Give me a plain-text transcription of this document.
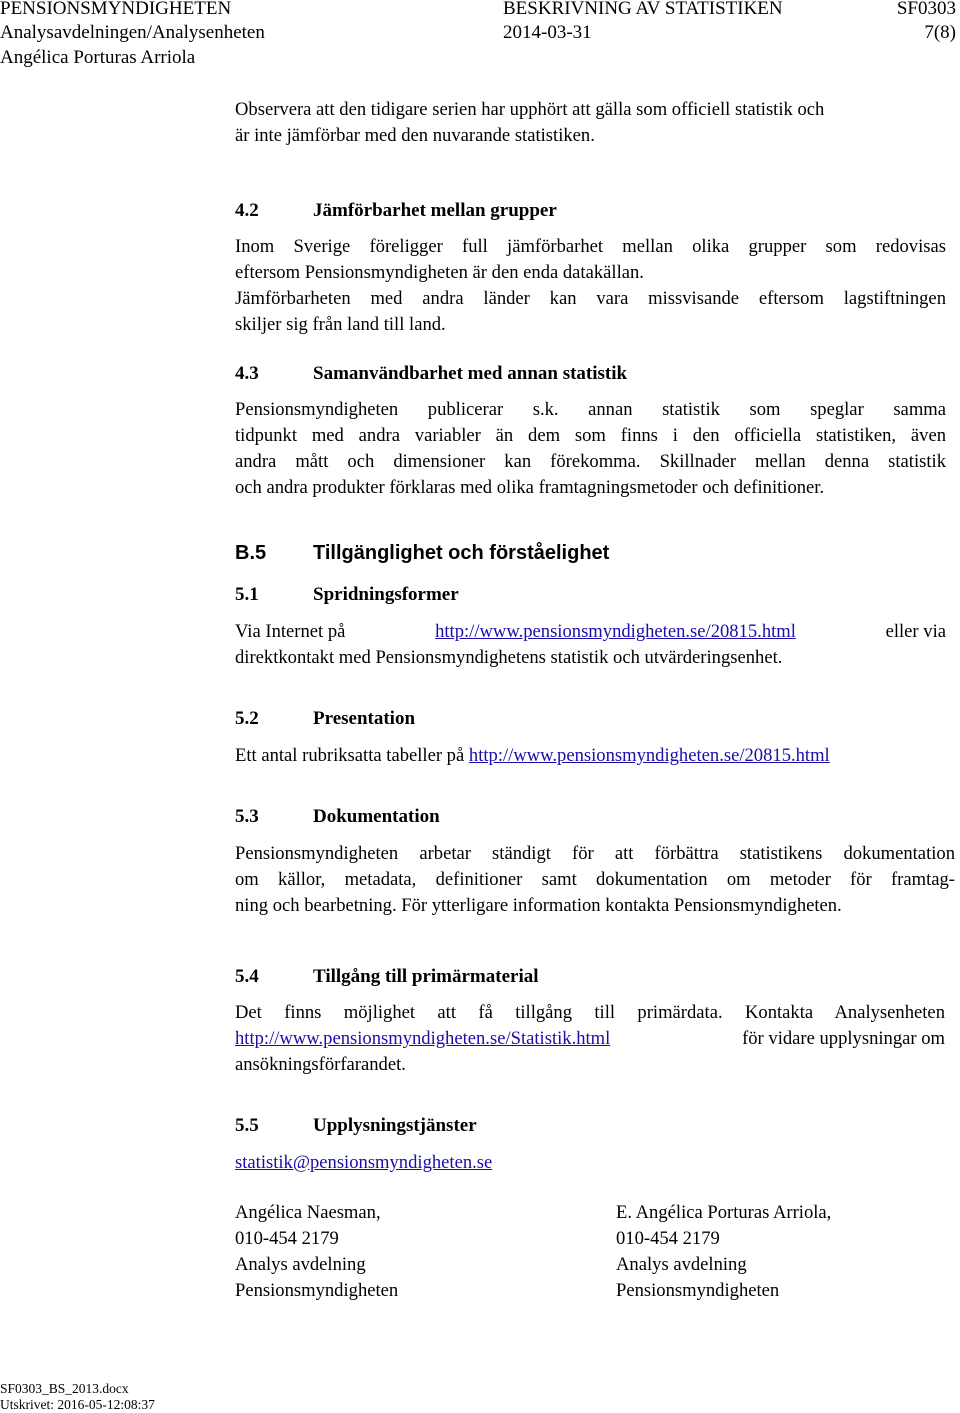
PENSIONSMYNDIGHETEN	BESKRIVNING AV STATISTIKEN	SF0303
Analysavdelningen/Analysenheten	2014-03-31	7(8)
Angélica Porturas Arriola
Observera att den tidigare serien har upphört att gälla som officiell statistik och
är inte jämförbar med den nuvarande statistiken.
4.2	Jämförbarhet mellan grupper
Inom Sverige föreligger full jämförbarhet mellan olika grupper som redovisas
eftersom Pensionsmyndigheten är den enda datakällan.
Jämförbarheten med andra länder kan vara missvisande eftersom lagstiftningen
skiljer sig från land till land.
4.3	Samanvändbarhet med annan statistik
Pensionsmyndigheten publicerar s.k. annan statistik som speglar samma
tidpunkt med andra variabler än dem som finns i den officiella statistiken, även
andra mått och dimensioner kan förekomma. Skillnader mellan denna statistik
och andra produkter förklaras med olika framtagningsmetoder och definitioner.
B.5 Tillgänglighet och förståelighet
5.1	Spridningsformer
Via Internet på	http://www.pensionsmyndigheten.se/20815.html	eller via
direktkontakt med Pensionsmyndighetens statistik och utvärderingsenhet.
5.2	Presentation
Ett antal rubriksatta tabeller på http://www.pensionsmyndigheten.se/20815.html
5.3	Dokumentation
Pensionsmyndigheten arbetar ständigt för att förbättra statistikens dokumentation
om källor, metadata, definitioner samt dokumentation om metoder för framtag-
ning och bearbetning. För ytterligare information kontakta Pensionsmyndigheten.
5.4	Tillgång till primärmaterial
Det finns möjlighet att få tillgång till primärdata. Kontakta Analysenheten
http://www.pensionsmyndigheten.se/Statistik.html	för vidare upplysningar om
ansökningsförfarandet.
5.5	Upplysningstjänster
statistik@pensionsmyndigheten.se
Angélica Naesman,
010-454 2179
Analys avdelning
Pensionsmyndigheten
E. Angélica Porturas Arriola,
010-454 2179
Analys avdelning
Pensionsmyndigheten
SF0303_BS_2013.docx
Utskrivet: 2016-05-12:08:37
